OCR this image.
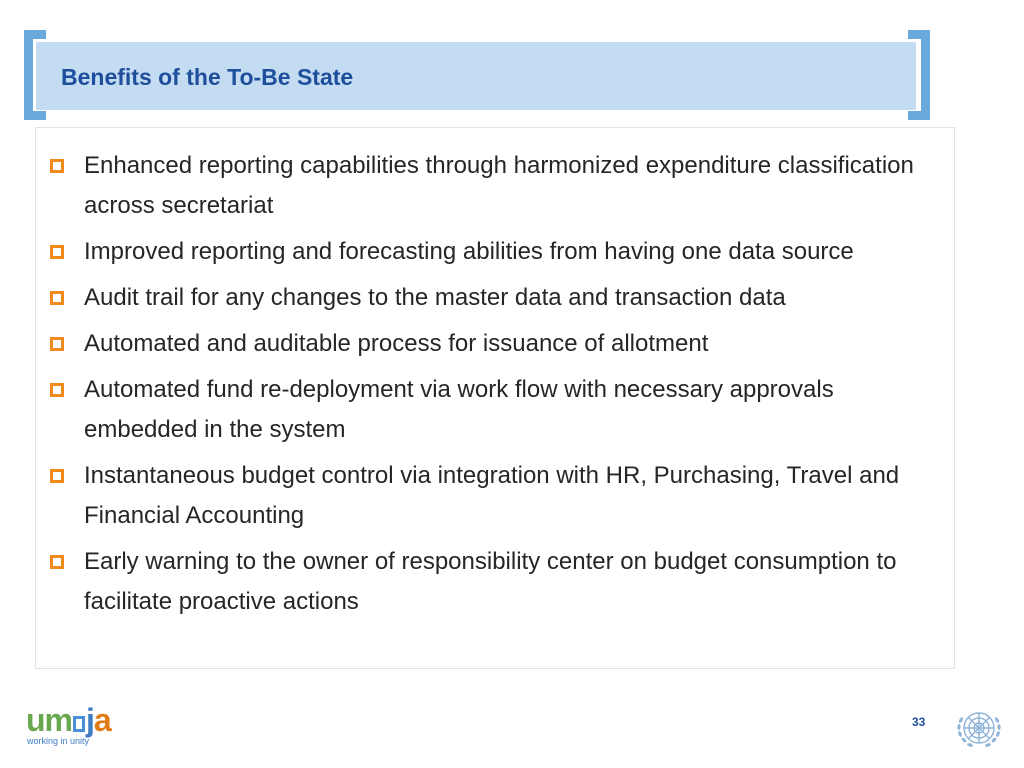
Benefits of the To-Be State
Enhanced reporting capabilities through harmonized expenditure classification across secretariat
Improved reporting and forecasting abilities from having one data source
Audit trail for any changes to the master data and transaction data
Automated and auditable process for issuance of allotment
Automated fund re-deployment via work flow with necessary approvals embedded in the system
Instantaneous budget control via integration with HR, Purchasing, Travel and Financial Accounting
Early warning to the owner of responsibility center on budget consumption to facilitate proactive actions
um ja
working in unity
33
